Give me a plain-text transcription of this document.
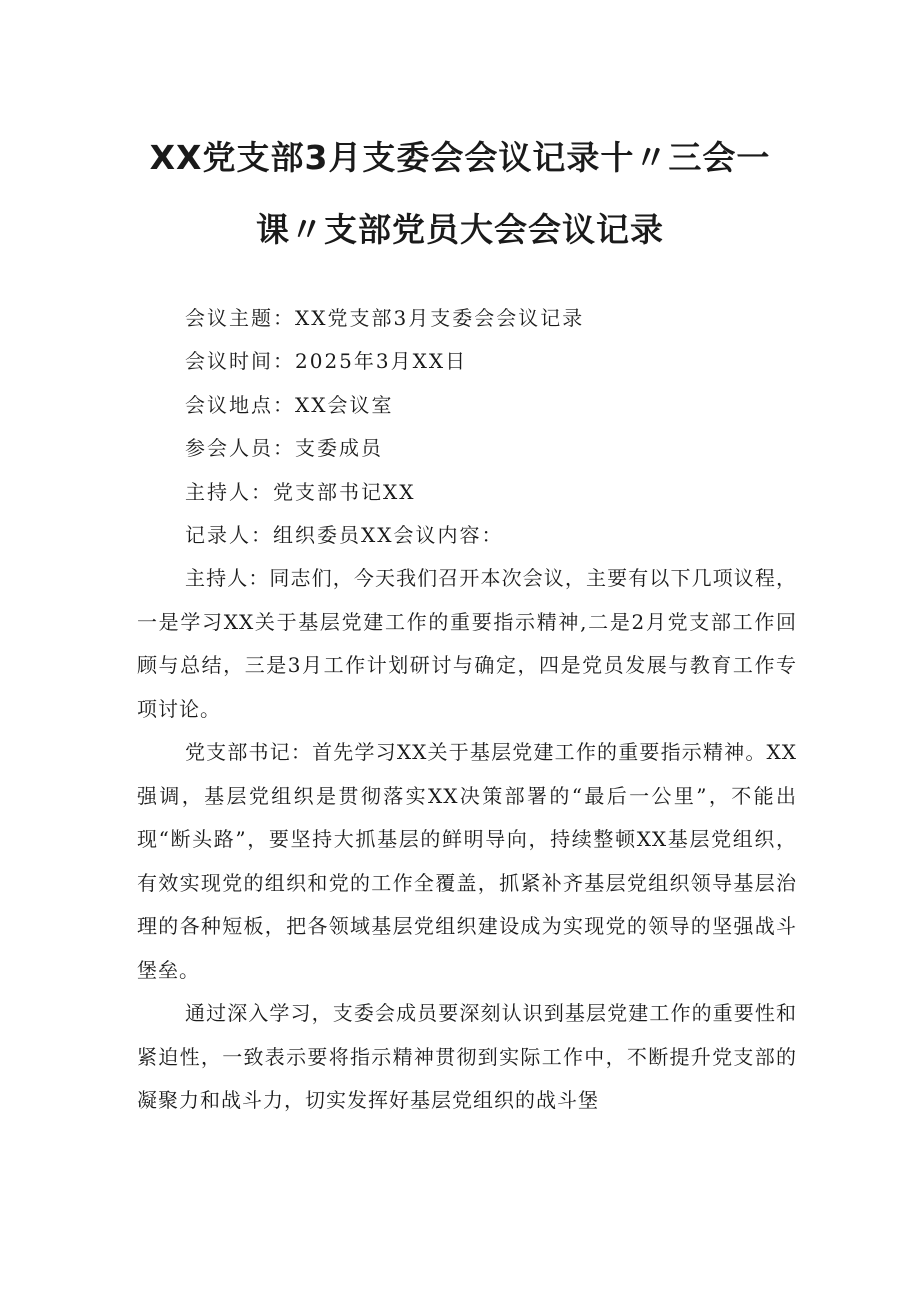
XX党支部3月支委会会议记录十〃三会一
课〃支部党员大会会议记录

会议主题：XX党支部3月支委会会议记录

会议时间：2025年3月XX日

会议地点：XX会议室

参会人员：支委成员

主持人：党支部书记XX

记录人：组织委员XX会议内容：

主持人：同志们，今天我们召开本次会议，主要有以下几项议程，一是学习XX关于基层党建工作的重要指示精神,二是2月党支部工作回顾与总结，三是3月工作计划研讨与确定，四是党员发展与教育工作专项讨论。

党支部书记：首先学习XX关于基层党建工作的重要指示精神。XX强调，基层党组织是贯彻落实XX决策部署的“最后一公里”，不能出现“断头路”，要坚持大抓基层的鲜明导向，持续整顿XX基层党组织，有效实现党的组织和党的工作全覆盖，抓紧补齐基层党组织领导基层治理的各种短板，把各领域基层党组织建设成为实现党的领导的坚强战斗堡垒。

通过深入学习，支委会成员要深刻认识到基层党建工作的重要性和紧迫性，一致表示要将指示精神贯彻到实际工作中，不断提升党支部的凝聚力和战斗力，切实发挥好基层党组织的战斗堡
